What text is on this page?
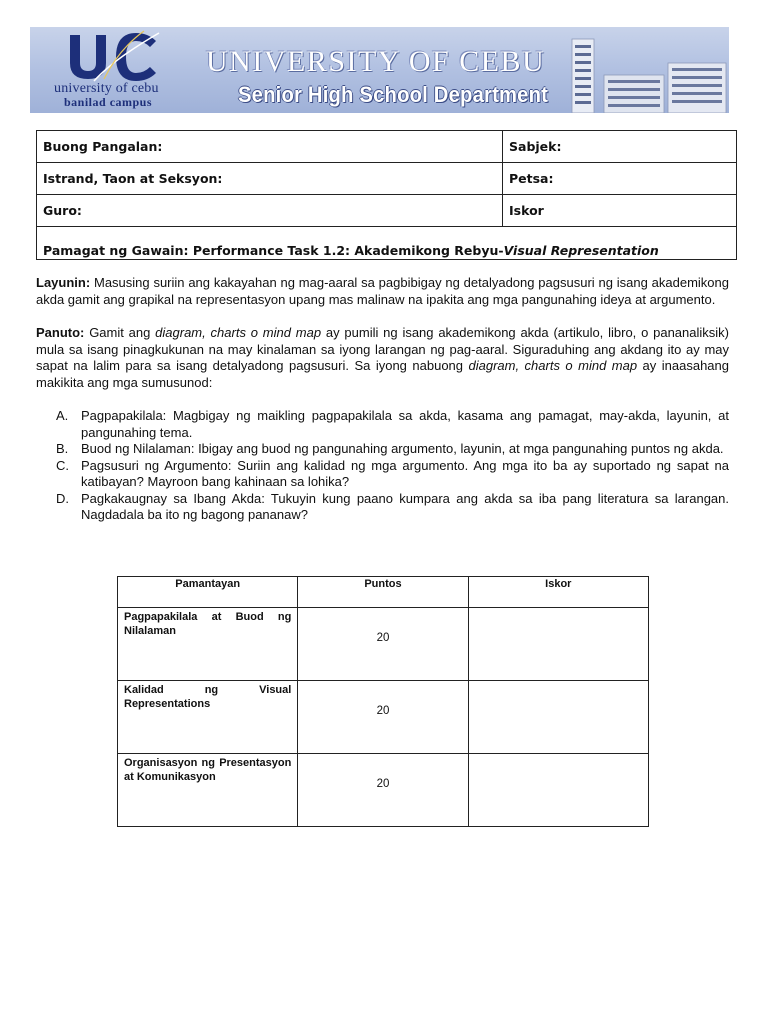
university of cebu
banilad campus
UNIVERSITY OF CEBU
Senior High School Department
Buong Pangalan:	Sabjek:
Istrand, Taon at Seksyon:	Petsa:
Guro:	Iskor
Pamagat ng Gawain: Performance Task 1.2: Akademikong Rebyu-Visual Representation	
Layunin: Masusing suriin ang kakayahan ng mag-aaral sa pagbibigay ng detalyadong pagsusuri ng isang akademikong akda gamit ang grapikal na representasyon upang mas malinaw na ipakita ang mga pangunahing ideya at argumento.
Panuto: Gamit ang diagram, charts o mind map ay pumili ng isang akademikong akda (artikulo, libro, o pananaliksik) mula sa isang pinagkukunan na may kinalaman sa iyong larangan ng pag-aaral. Siguraduhing ang akdang ito ay may sapat na lalim para sa isang detalyadong pagsusuri. Sa iyong nabuong diagram, charts o mind map ay inaasahang makikita ang mga sumusunod:
A. Pagpapakilala: Magbigay ng maikling pagpapakilala sa akda, kasama ang pamagat, may-akda, layunin, at pangunahing tema.
B. Buod ng Nilalaman: Ibigay ang buod ng pangunahing argumento, layunin, at mga pangunahing puntos ng akda.
C. Pagsusuri ng Argumento: Suriin ang kalidad ng mga argumento. Ang mga ito ba ay suportado ng sapat na katibayan? Mayroon bang kahinaan sa lohika?
D. Pagkakaugnay sa Ibang Akda: Tukuyin kung paano kumpara ang akda sa iba pang literatura sa larangan. Nagdadala ba ito ng bagong pananaw?
Pamantayan	Puntos	Iskor
Pagpapakilala at Buod ng Nilalaman	20	
Kalidad ng Visual Representations	20	
Organisasyon ng Presentasyon at Komunikasyon	20	
